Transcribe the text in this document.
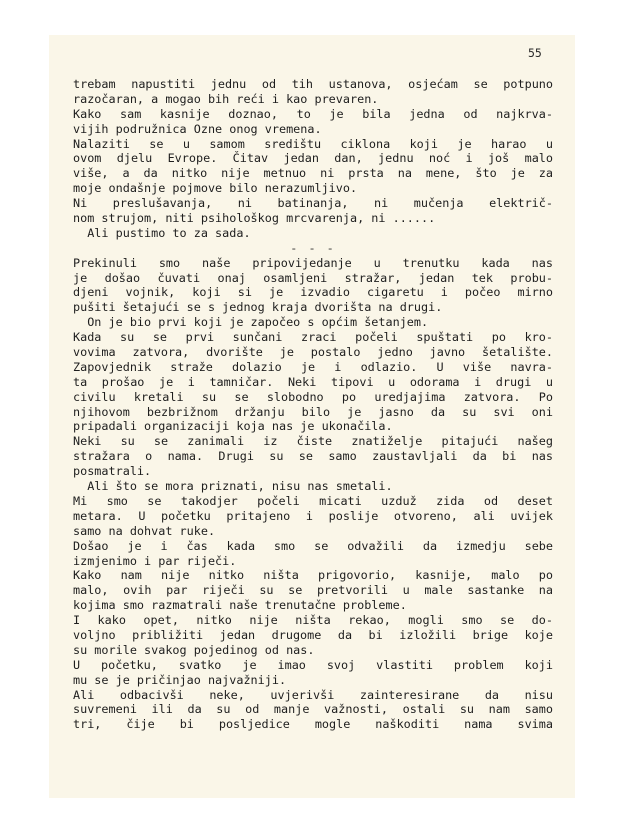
55
trebam napustiti jednu od tih ustanova, osjećam se potpuno
razočaran, a mogao bih reći i kao prevaren.
Kako sam kasnije doznao, to je bila jedna od najkrva-
vijih podružnica Ozne onog vremena.
Nalaziti se u samom središtu ciklona koji je harao u
ovom djelu Evrope. Čitav jedan dan, jednu noć i još malo
više, a da nitko nije metnuo ni prsta na mene, što je za
moje ondašnje pojmove bilo nerazumljivo.
Ni preslušavanja, ni batinanja, ni mučenja električ-
nom strujom, niti psihološkog mrcvarenja, ni ......
Ali pustimo to za sada.
- - -
Prekinuli smo naše pripovijedanje u trenutku kada nas
je došao čuvati onaj osamljeni stražar, jedan tek probu-
djeni vojnik, koji si je izvadio cigaretu i počeo mirno
pušiti šetajući se s jednog kraja dvorišta na drugi.
On je bio prvi koji je započeo s općim šetanjem.
Kada su se prvi sunčani zraci počeli spuštati po kro-
vovima zatvora, dvorište je postalo jedno javno šetalište.
Zapovjednik straže dolazio je i odlazio. U više navra-
ta prošao je i tamničar. Neki tipovi u odorama i drugi u
civilu kretali su se slobodno po uredjajima zatvora. Po
njihovom bezbrižnom držanju bilo je jasno da su svi oni
pripadali organizaciji koja nas je ukonačila.
Neki su se zanimali iz čiste znatiželje pitajući našeg
stražara o nama. Drugi su se samo zaustavljali da bi nas
posmatrali.
Ali što se mora priznati, nisu nas smetali.
Mi smo se takodjer počeli micati uzduž zida od deset
metara. U početku pritajeno i poslije otvoreno, ali uvijek
samo na dohvat ruke.
Došao je i čas kada smo se odvažili da izmedju sebe
izmjenimo i par riječi.
Kako nam nije nitko ništa prigovorio, kasnije, malo po
malo, ovih par riječi su se pretvorili u male sastanke na
kojima smo razmatrali naše trenutačne probleme.
I kako opet, nitko nije ništa rekao, mogli smo se do-
voljno približiti jedan drugome da bi izložili brige koje
su morile svakog pojedinog od nas.
U početku, svatko je imao svoj vlastiti problem koji
mu se je pričinjao najvažniji.
Ali odbacivši neke, uvjerivši zainteresirane da nisu
suvremeni ili da su od manje važnosti, ostali su nam samo
tri, čije bi posljedice mogle naškoditi nama svima
